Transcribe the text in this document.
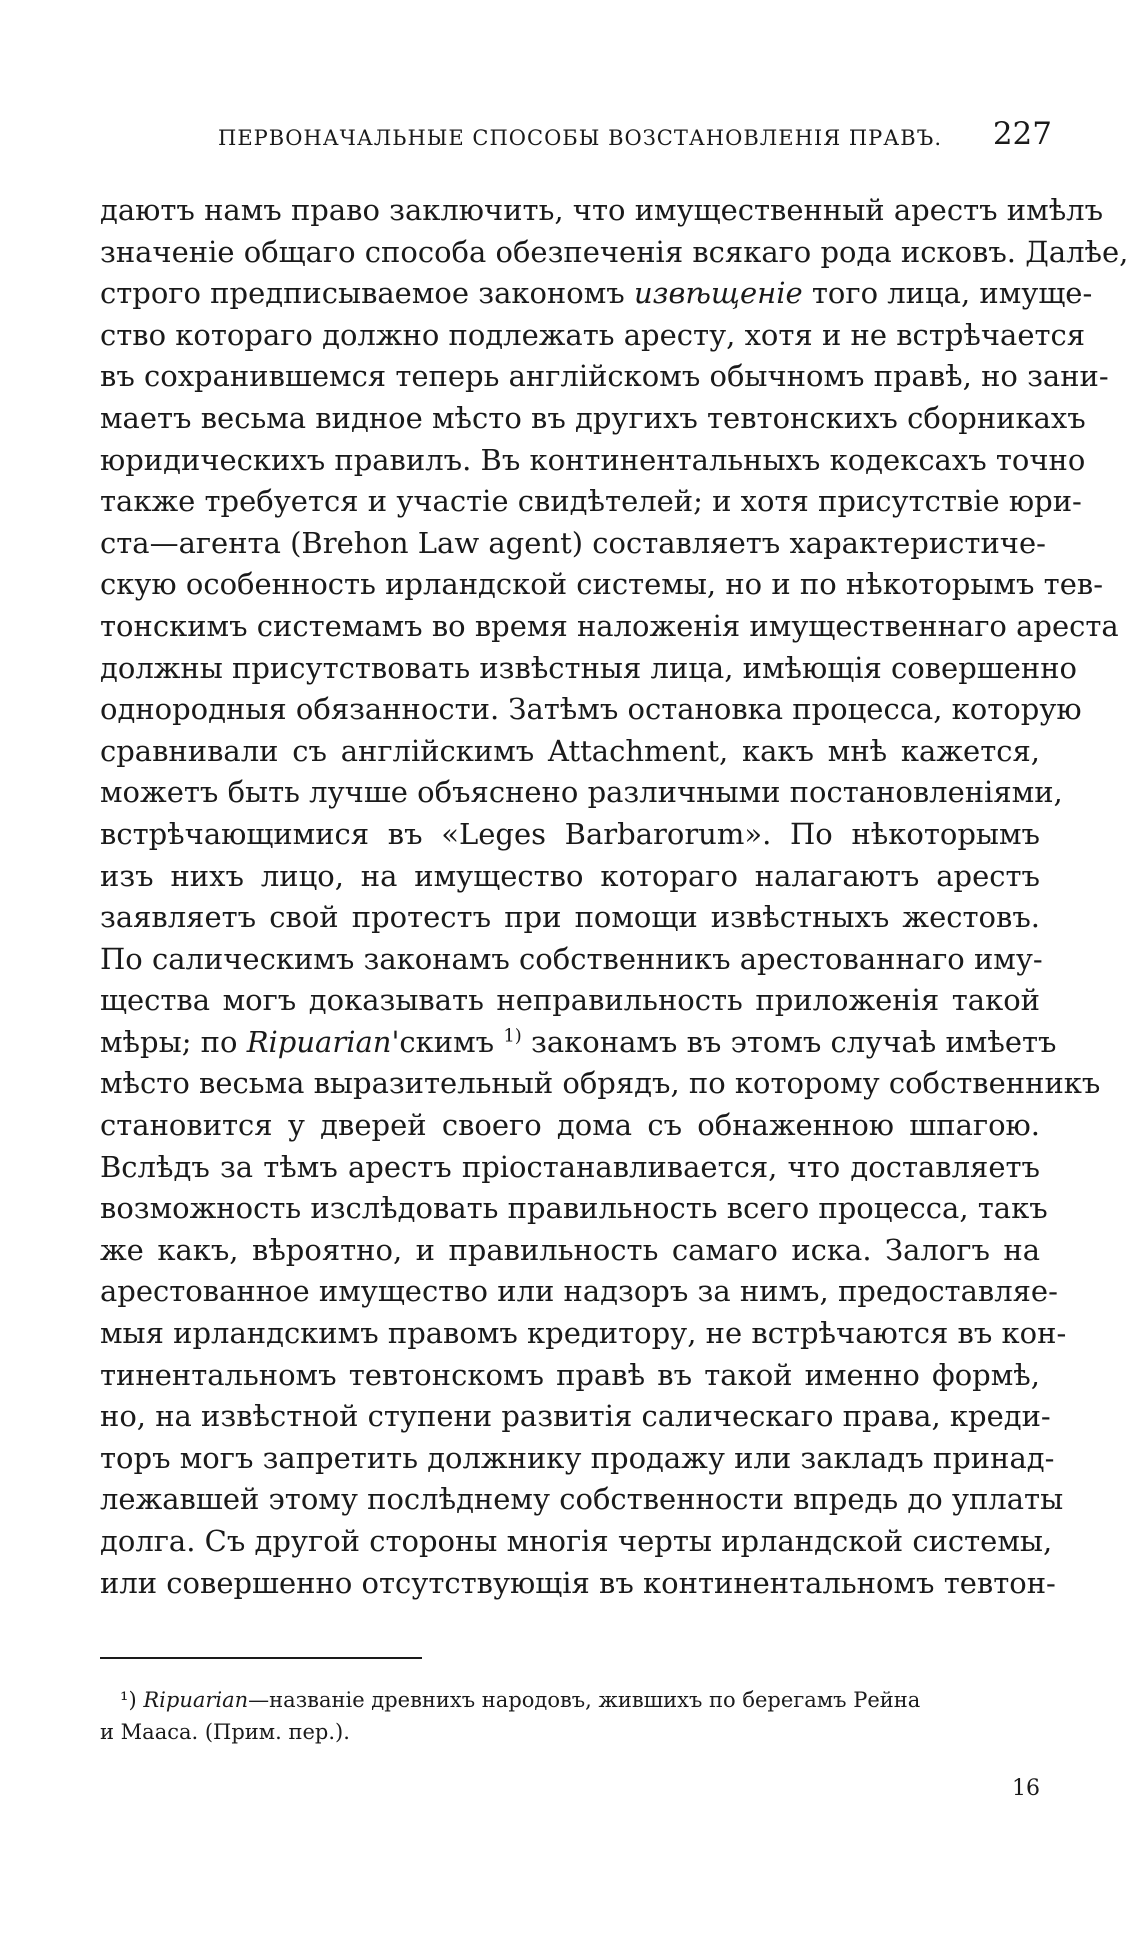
ПЕРВОНАЧАЛЬНЫЕ СПОСОБЫ ВОЗСТАНОВЛЕНІЯ ПРАВЪ.	227
даютъ намъ право заключить, что имущественный арестъ имѣлъ
значеніе общаго способа обезпеченія всякаго рода исковъ. Далѣе,
строго предписываемое закономъ извѣщеніе того лица, имуще-
ство котораго должно подлежать аресту, хотя и не встрѣчается
въ сохранившемся теперь англійскомъ обычномъ правѣ, но зани-
маетъ весьма видное мѣсто въ другихъ тевтонскихъ сборникахъ
юридическихъ правилъ. Въ континентальныхъ кодексахъ точно
также требуется и участіе свидѣтелей; и хотя присутствіе юри-
ста—агента (Brehon Law agent) составляетъ характеристиче-
скую особенность ирландской системы, но и по нѣкоторымъ тев-
тонскимъ системамъ во время наложенія имущественнаго ареста
должны присутствовать извѣстныя лица, имѣющія совершенно
однородныя обязанности. Затѣмъ остановка процесса, которую
сравнивали съ англійскимъ Attachment, какъ мнѣ кажется,
можетъ быть лучше объяснено различными постановленіями,
встрѣчающимися въ «Leges Barbarorum». По нѣкоторымъ
изъ нихъ лицо, на имущество котораго налагаютъ арестъ
заявляетъ свой протестъ при помощи извѣстныхъ жестовъ.
По салическимъ законамъ собственникъ арестованнаго иму-
щества могъ доказывать неправильность приложенія такой
мѣры; по Ripuarian'скимъ $^{1)}$ законамъ въ этомъ случаѣ имѣетъ
мѣсто весьма выразительный обрядъ, по которому собственникъ
становится у дверей своего дома съ обнаженною шпагою.
Вслѣдъ за тѣмъ арестъ пріостанавливается, что доставляетъ
возможность изслѣдовать правильность всего процесса, такъ
же какъ, вѣроятно, и правильность самаго иска. Залогъ на
арестованное имущество или надзоръ за нимъ, предоставляе-
мыя ирландскимъ правомъ кредитору, не встрѣчаются въ кон-
тинентальномъ тевтонскомъ правѣ въ такой именно формѣ,
но, на извѣстной ступени развитія салическаго права, креди-
торъ могъ запретить должнику продажу или закладъ принад-
лежавшей этому послѣднему собственности впредь до уплаты
долга. Съ другой стороны многія черты ирландской системы,
или совершенно отсутствующія въ континентальномъ тевтон-
¹) Ripuarian—названіе древнихъ народовъ, жившихъ по берегамъ Рейна
и Мааса. (Прим. пер.).
16
